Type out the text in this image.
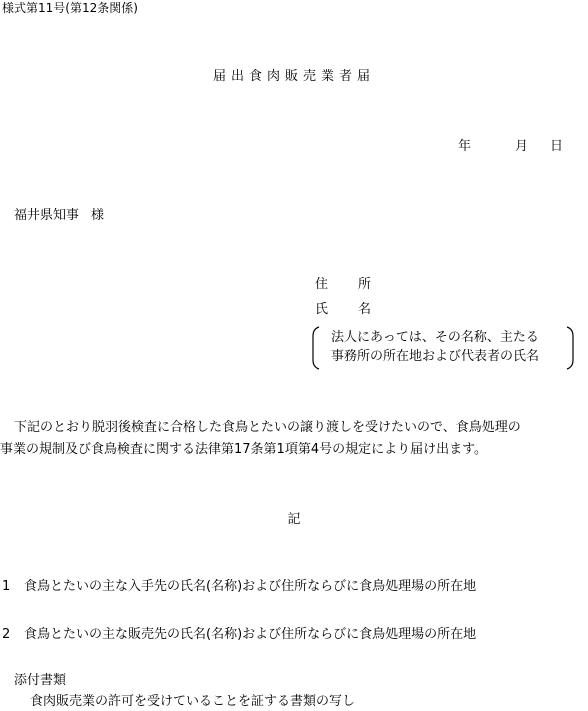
様式第11号(第12条関係)
届出食肉販売業者届
年	月 日
福井県知事 様
住 所
氏 名
法人にあっては、その名称、主たる
事務所の所在地および代表者の氏名
下記のとおり脱羽後検査に合格した食鳥とたいの譲り渡しを受けたいので、食鳥処理の
事業の規制及び食鳥検査に関する法律第17条第1項第4号の規定により届け出ます。
記
1 食鳥とたいの主な入手先の氏名(名称)および住所ならびに食鳥処理場の所在地
2 食鳥とたいの主な販売先の氏名(名称)および住所ならびに食鳥処理場の所在地
添付書類
食肉販売業の許可を受けていることを証する書類の写し
